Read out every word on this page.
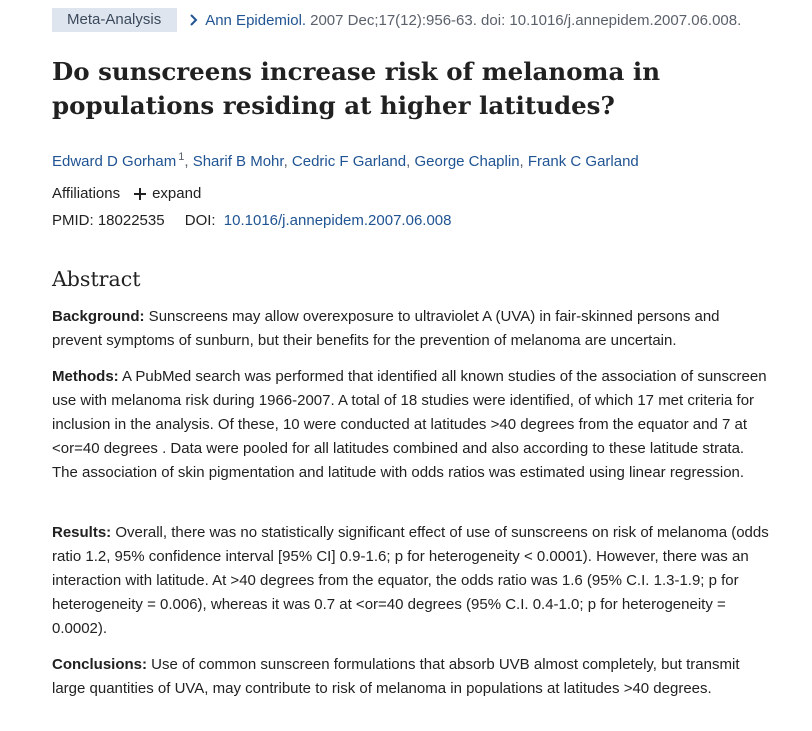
Meta-Analysis	Ann Epidemiol. 2007 Dec;17(12):956-63. doi: 10.1016/j.annepidem.2007.06.008.
Do sunscreens increase risk of melanoma in
populations residing at higher latitudes?
Edward D Gorham $^1$, Sharif B Mohr, Cedric F Garland, George Chaplin, Frank C Garland
Affiliations expand
PMID: 18022535 DOI: 10.1016/j.annepidem.2007.06.008
Abstract

Background: Sunscreens may allow overexposure to ultraviolet A (UVA) in fair-skinned persons and prevent symptoms of sunburn, but their benefits for the prevention of melanoma are uncertain.

Methods: A PubMed search was performed that identified all known studies of the association of sunscreen use with melanoma risk during 1966-2007. A total of 18 studies were identified, of which 17 met criteria for inclusion in the analysis. Of these, 10 were conducted at latitudes >40 degrees from the equator and 7 at <or=40 degrees . Data were pooled for all latitudes combined and also according to these latitude strata. The association of skin pigmentation and latitude with odds ratios was estimated using linear regression.

Results: Overall, there was no statistically significant effect of use of sunscreens on risk of melanoma (odds ratio 1.2, 95% confidence interval [95% CI] 0.9-1.6; p for heterogeneity < 0.0001). However, there was an interaction with latitude. At >40 degrees from the equator, the odds ratio was 1.6 (95% C.I. 1.3-1.9; p for heterogeneity = 0.006), whereas it was 0.7 at <or=40 degrees (95% C.I. 0.4-1.0; p for heterogeneity = 0.0002).

Conclusions: Use of common sunscreen formulations that absorb UVB almost completely, but transmit large quantities of UVA, may contribute to risk of melanoma in populations at latitudes >40 degrees.
